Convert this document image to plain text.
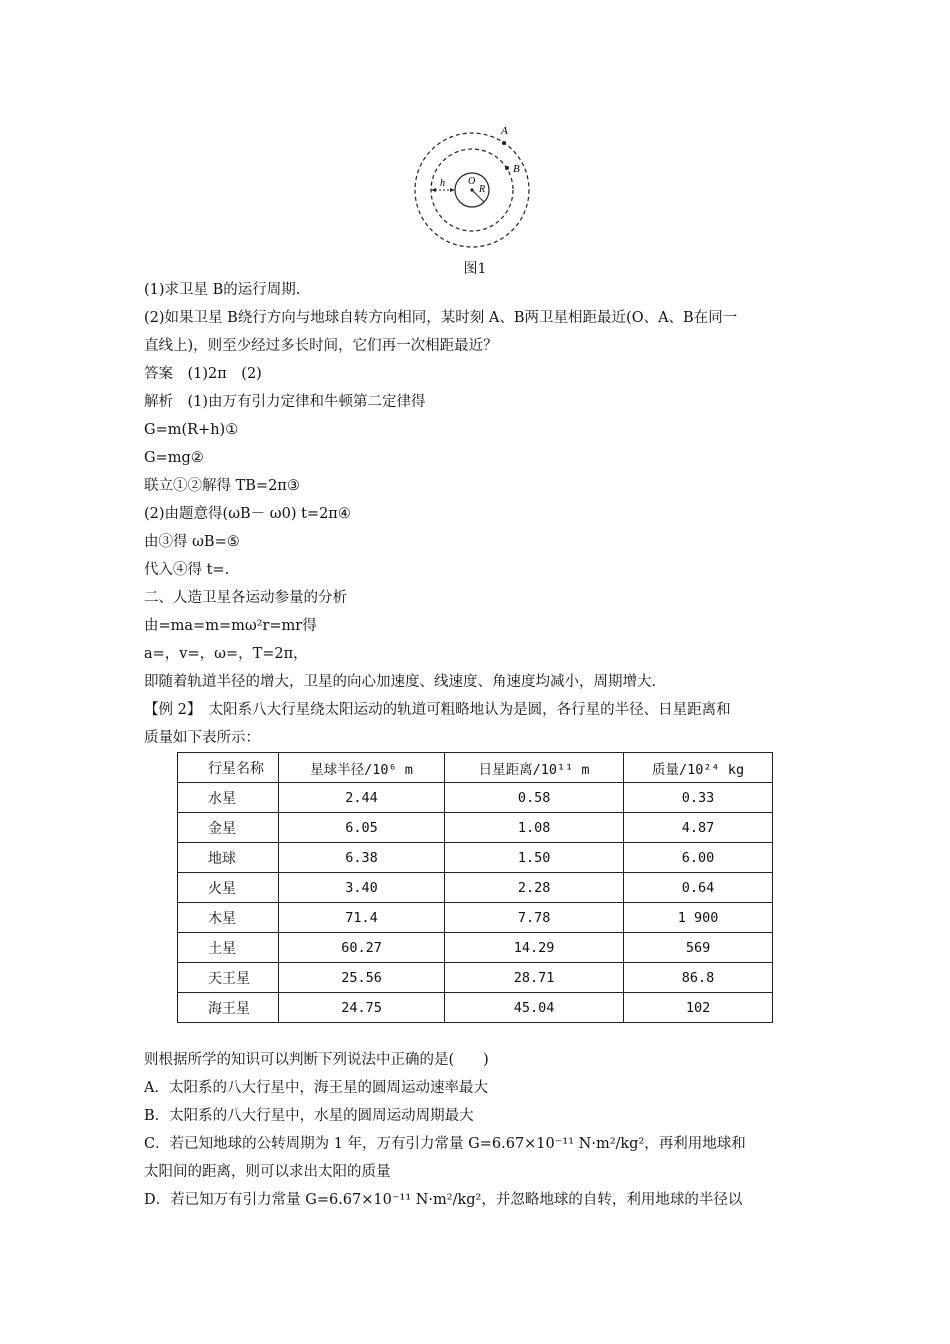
A
B
O
R
h
图1
(1)求卫星 B的运行周期.
(2)如果卫星 B绕行方向与地球自转方向相同，某时刻 A、B两卫星相距最近(O、A、B在同一
直线上)，则至少经过多长时间，它们再一次相距最近？
答案　(1)2π　(2)
解析　(1)由万有引力定律和牛顿第二定律得
G=m(R+h)①
G=mg②
联立①②解得 TB=2π③
(2)由题意得(ωB－ ω0) t=2π④
由③得 ωB=⑤
代入④得 t=.
二、人造卫星各运动参量的分析
由=ma=m=mω²r=mr得
a=，v=，ω=，T=2π，
即随着轨道半径的增大，卫星的向心加速度、线速度、角速度均减小，周期增大.
【例 2】　太阳系八大行星绕太阳运动的轨道可粗略地认为是圆，各行星的半径、日星距离和
质量如下表所示：
行星名称	星球半径/10⁶ m	日星距离/10¹¹ m	质量/10²⁴ kg
水星	2.44	0.58	0.33
金星	6.05	1.08	4.87
地球	6.38	1.50	6.00
火星	3.40	2.28	0.64
木星	71.4	7.78	1 900
土星	60.27	14.29	569
天王星	25.56	28.71	86.8
海王星	24.75	45.04	102
则根据所学的知识可以判断下列说法中正确的是(　　)
A．太阳系的八大行星中，海王星的圆周运动速率最大
B．太阳系的八大行星中，水星的圆周运动周期最大
C．若已知地球的公转周期为 1 年，万有引力常量 G=6.67×10⁻¹¹ N·m²/kg²，再利用地球和
太阳间的距离，则可以求出太阳的质量
D．若已知万有引力常量 G=6.67×10⁻¹¹ N·m²/kg²，并忽略地球的自转，利用地球的半径以
